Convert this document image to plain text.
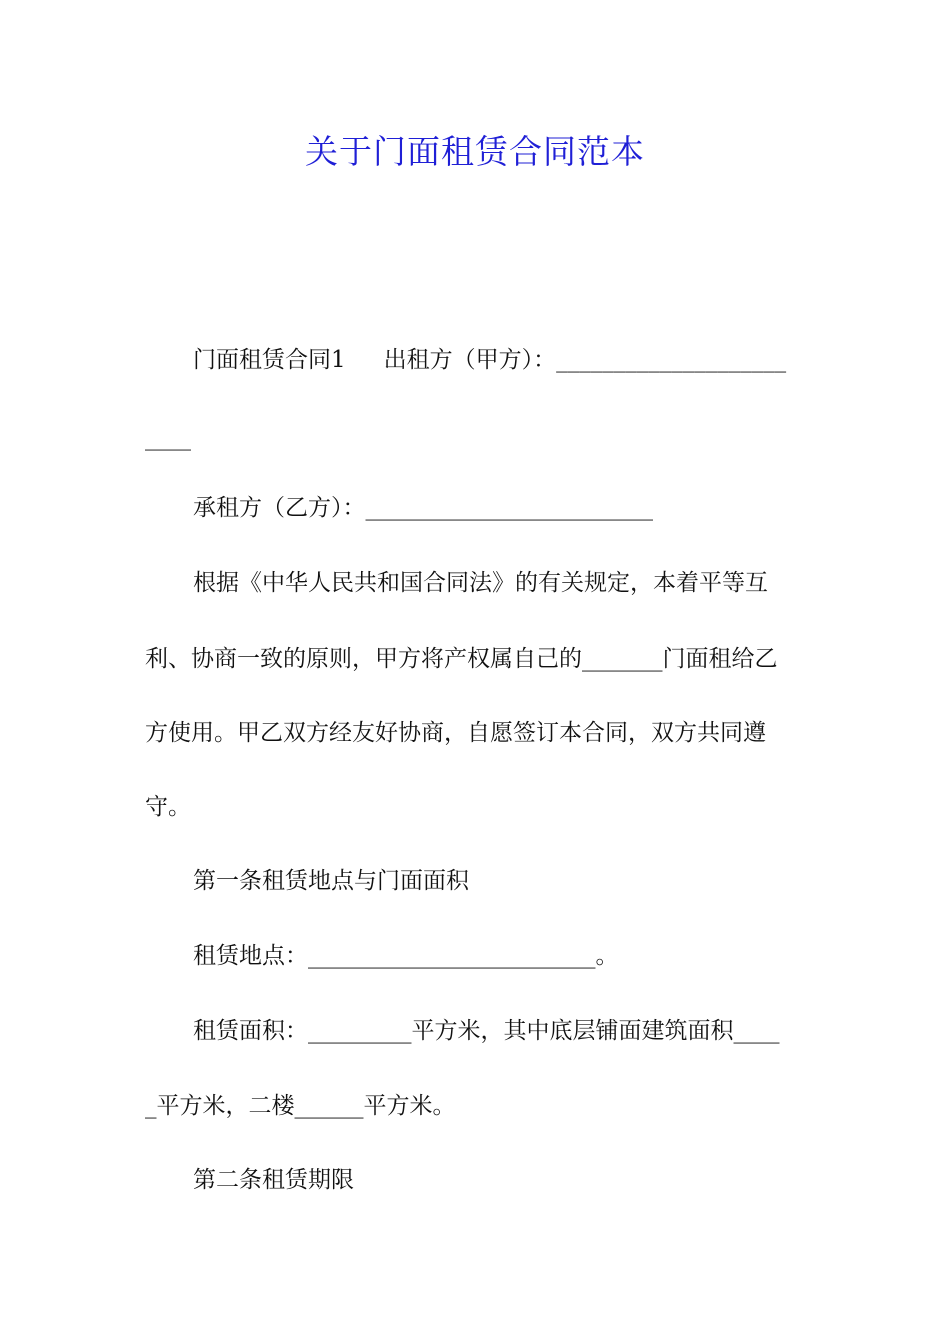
关于门面租赁合同范本

门面租赁合同1 出租方（甲方）：____________________

____

承租方（乙方）：_________________________

根据《中华人民共和国合同法》的有关规定，本着平等互

利、协商一致的原则，甲方将产权属自己的_______门面租给乙

方使用。甲乙双方经友好协商，自愿签订本合同，双方共同遵

守。

第一条租赁地点与门面面积

租赁地点：_________________________。

租赁面积：_________平方米，其中底层铺面建筑面积____

_平方米，二楼______平方米。

第二条租赁期限
